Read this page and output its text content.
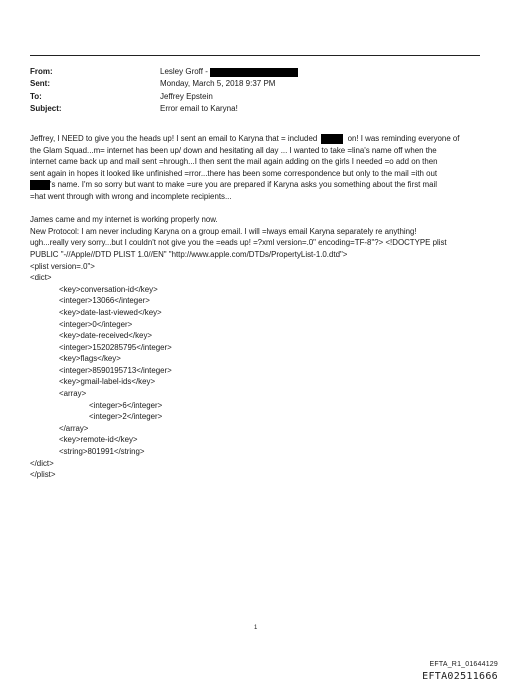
From:	Lesley Groff -
Sent:	Monday, March 5, 2018 9:37 PM
To:	Jeffrey Epstein
Subject:	Error email to Karyna!

Jeffrey, I NEED to give you the heads up! I sent an email to Karyna that = included	on! I was reminding everyone of

the Glam Squad...m= internet has been up/ down and hesitating all day ... I wanted to take =lina's name off when the

internet came back up and mail sent =hrough...I then sent the mail again adding on the girls I needed =o add on then

sent again in hopes it looked like unfinished =rror...there has been some correspondence but only to the mail =ith out

's name. I'm so sorry but want to make =ure you are prepared if Karyna asks you something about the first mail

=hat went through with wrong and incomplete recipients...

James came and my internet is working properly now.

New Protocol: I am never including Karyna on a group email. I will =lways email Karyna separately re anything!

ugh...really very sorry...but I couldn't not give you the =eads up! =?xml version=.0" encoding=TF-8"?> <!DOCTYPE plist

PUBLIC "-//Apple//DTD PLIST 1.0//EN" "http://www.apple.com/DTDs/PropertyList-1.0.dtd">

<plist version=.0">

<dict>

<key>conversation-id</key>

<integer>13066</integer>

<key>date-last-viewed</key>

<integer>0</integer>

<key>date-received</key>

<integer>1520285795</integer>

<key>flags</key>

<integer>8590195713</integer>

<key>gmail-label-ids</key>

<array>

<integer>6</integer>

<integer>2</integer>

</array>

<key>remote-id</key>

<string>801991</string>

</dict>

</plist>

1
EFTA_R1_01644129
EFTA02511666
